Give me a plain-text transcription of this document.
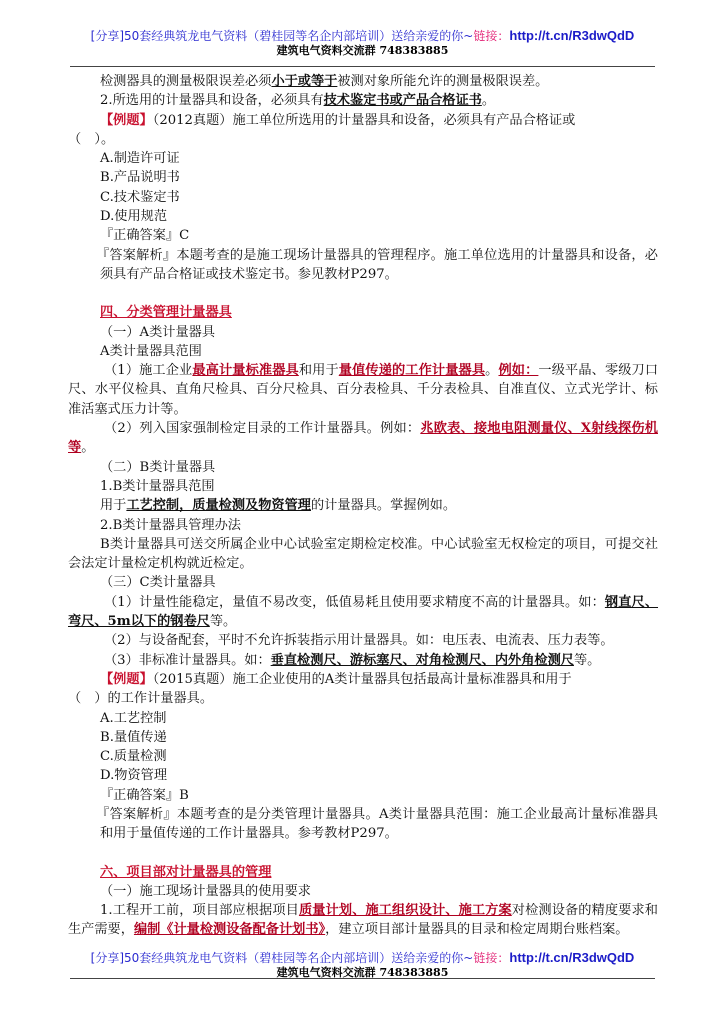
[分享]50套经典筑龙电气资料（碧桂园等名企内部培训）送给亲爱的你~链接：http://t.cn/R3dwQdD
建筑电气资料交流群 748383885

检测器具的测量极限误差必须小于或等于被测对象所能允许的测量极限误差。

2.所选用的计量器具和设备，必须具有技术鉴定书或产品合格证书。

【例题】（2012真题）施工单位所选用的计量器具和设备，必须具有产品合格证或

（　）。

A.制造许可证

B.产品说明书

C.技术鉴定书

D.使用规范

『正确答案』C

『答案解析』本题考查的是施工现场计量器具的管理程序。施工单位选用的计量器具和设备，必须具有产品合格证或技术鉴定书。参见教材P297。

四、分类管理计量器具

（一）A类计量器具

A类计量器具范围

（1）施工企业最高计量标准器具和用于量值传递的工作计量器具。例如：一级平晶、零级刀口尺、水平仪检具、直角尺检具、百分尺检具、百分表检具、千分表检具、自准直仪、立式光学计、标准活塞式压力计等。

（2）列入国家强制检定目录的工作计量器具。例如：兆欧表、接地电阻测量仪、X射线探伤机等。

（二）B类计量器具

1.B类计量器具范围

用于工艺控制，质量检测及物资管理的计量器具。掌握例如。

2.B类计量器具管理办法

B类计量器具可送交所属企业中心试验室定期检定校准。中心试验室无权检定的项目，可提交社会法定计量检定机构就近检定。

（三）C类计量器具

（1）计量性能稳定，量值不易改变，低值易耗且使用要求精度不高的计量器具。如：钢直尺、弯尺、5m以下的钢卷尺等。

（2）与设备配套，平时不允许拆装指示用计量器具。如：电压表、电流表、压力表等。

（3）非标准计量器具。如：垂直检测尺、游标塞尺、对角检测尺、内外角检测尺等。

【例题】（2015真题）施工企业使用的A类计量器具包括最高计量标准器具和用于

（　）的工作计量器具。

A.工艺控制

B.量值传递

C.质量检测

D.物资管理

『正确答案』B

『答案解析』本题考查的是分类管理计量器具。A类计量器具范围：施工企业最高计量标准器具和用于量值传递的工作计量器具。参考教材P297。

六、项目部对计量器具的管理

（一）施工现场计量器具的使用要求

1.工程开工前，项目部应根据项目质量计划、施工组织设计、施工方案对检测设备的精度要求和生产需要，编制《计量检测设备配备计划书》，建立项目部计量器具的目录和检定周期台账档案。

[分享]50套经典筑龙电气资料（碧桂园等名企内部培训）送给亲爱的你~链接：http://t.cn/R3dwQdD
建筑电气资料交流群 748383885
